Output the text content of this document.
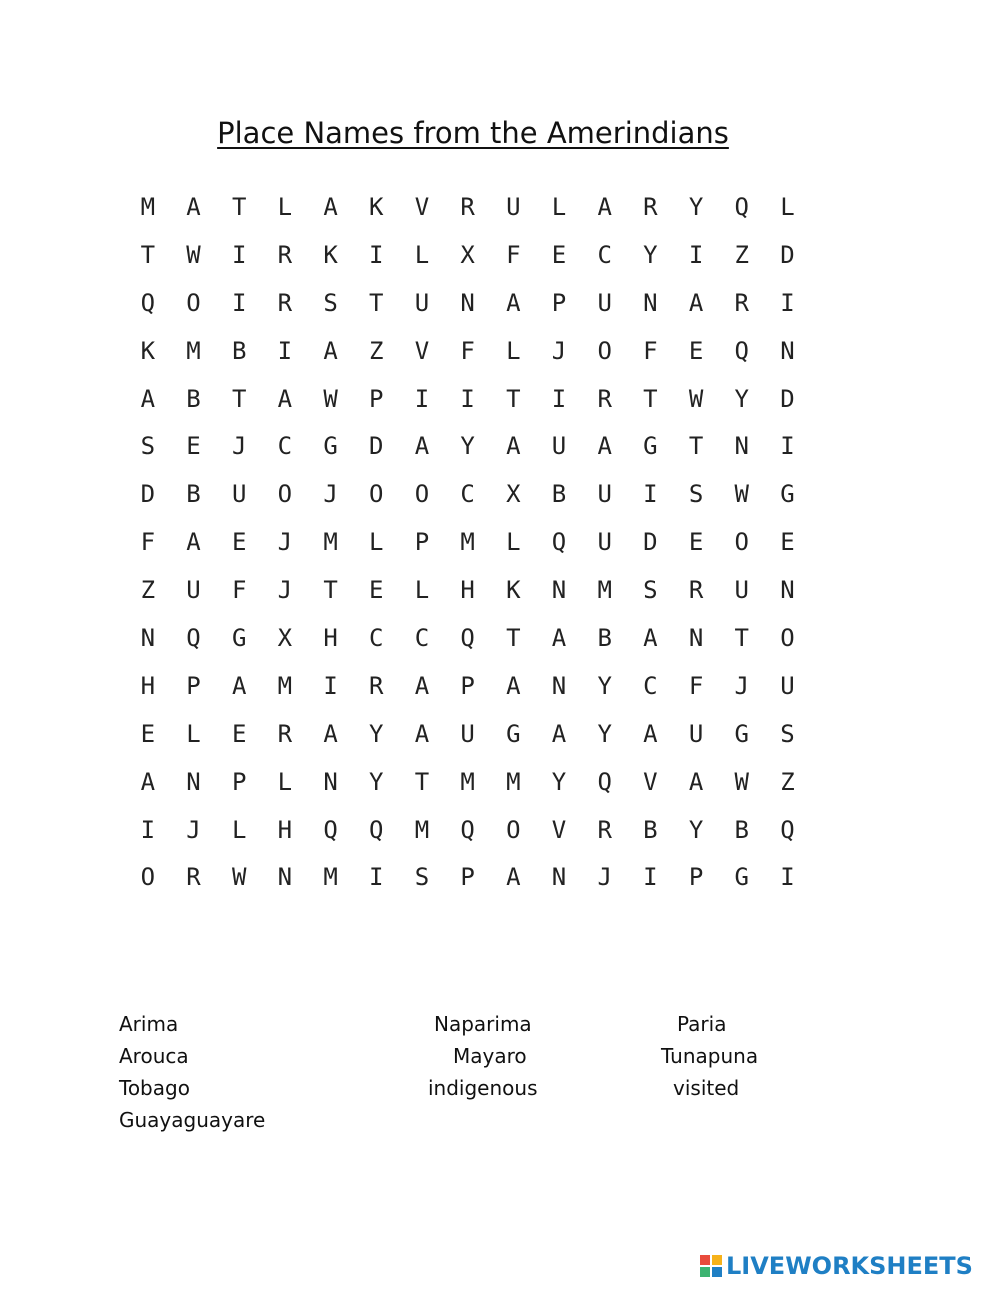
Place Names from the Amerindians
M	A	T	L	A	K	V	R	U	L	A	R	Y	Q	L
T	W	I	R	K	I	L	X	F	E	C	Y	I	Z	D
Q	O	I	R	S	T	U	N	A	P	U	N	A	R	I
K	M	B	I	A	Z	V	F	L	J	O	F	E	Q	N
A	B	T	A	W	P	I	I	T	I	R	T	W	Y	D
S	E	J	C	G	D	A	Y	A	U	A	G	T	N	I
D	B	U	O	J	O	O	C	X	B	U	I	S	W	G
F	A	E	J	M	L	P	M	L	Q	U	D	E	O	E
Z	U	F	J	T	E	L	H	K	N	M	S	R	U	N
N	Q	G	X	H	C	C	Q	T	A	B	A	N	T	O
H	P	A	M	I	R	A	P	A	N	Y	C	F	J	U
E	L	E	R	A	Y	A	U	G	A	Y	A	U	G	S
A	N	P	L	N	Y	T	M	M	Y	Q	V	A	W	Z
I	J	L	H	Q	Q	M	Q	O	V	R	B	Y	B	Q
O	R	W	N	M	I	S	P	A	N	J	I	P	G	I
Arima
Arouca
Tobago
Guayaguayare
Naparima
Mayaro
indigenous
Paria
Tunapuna
visited
LIVEWORKSHEETS
